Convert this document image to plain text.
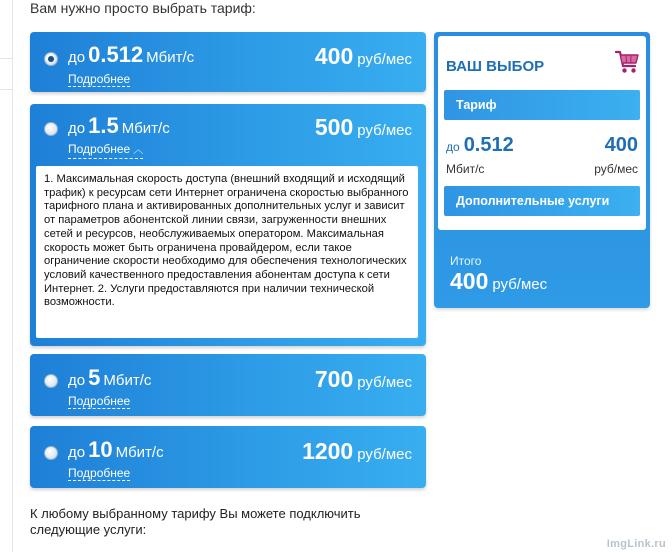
Вам нужно просто выбрать тариф:
до 0.512 Мбит/с	400 руб/мес
Подробнее
до 1.5 Мбит/с	500 руб/мес
Подробнее ︿
1. Максимальная скорость доступа (внешний входящий и исходящий трафик) к ресурсам сети Интернет ограничена скоростью выбранного тарифного плана и активированных дополнительных услуг и зависит от параметров абонентской линии связи, загруженности внешних сетей и ресурсов, необслуживаемых оператором. Максимальная скорость может быть ограничена провайдером, если такое ограничение скорости необходимо для обеспечения технологических условий качественного предоставления абонентам доступа к сети Интернет. 2. Услуги предоставляются при наличии технической возможности.
до 5 Мбит/с	700 руб/мес
Подробнее
до 10 Мбит/с	1200 руб/мес
Подробнее
ВАШ ВЫБОР
Тариф
до 0.512	400
Мбит/с	руб/мес
Дополнительные услуги
Итого
400 руб/мес
К любому выбранному тарифу Вы можете подключить следующие услуги:
ImgLink.ru
